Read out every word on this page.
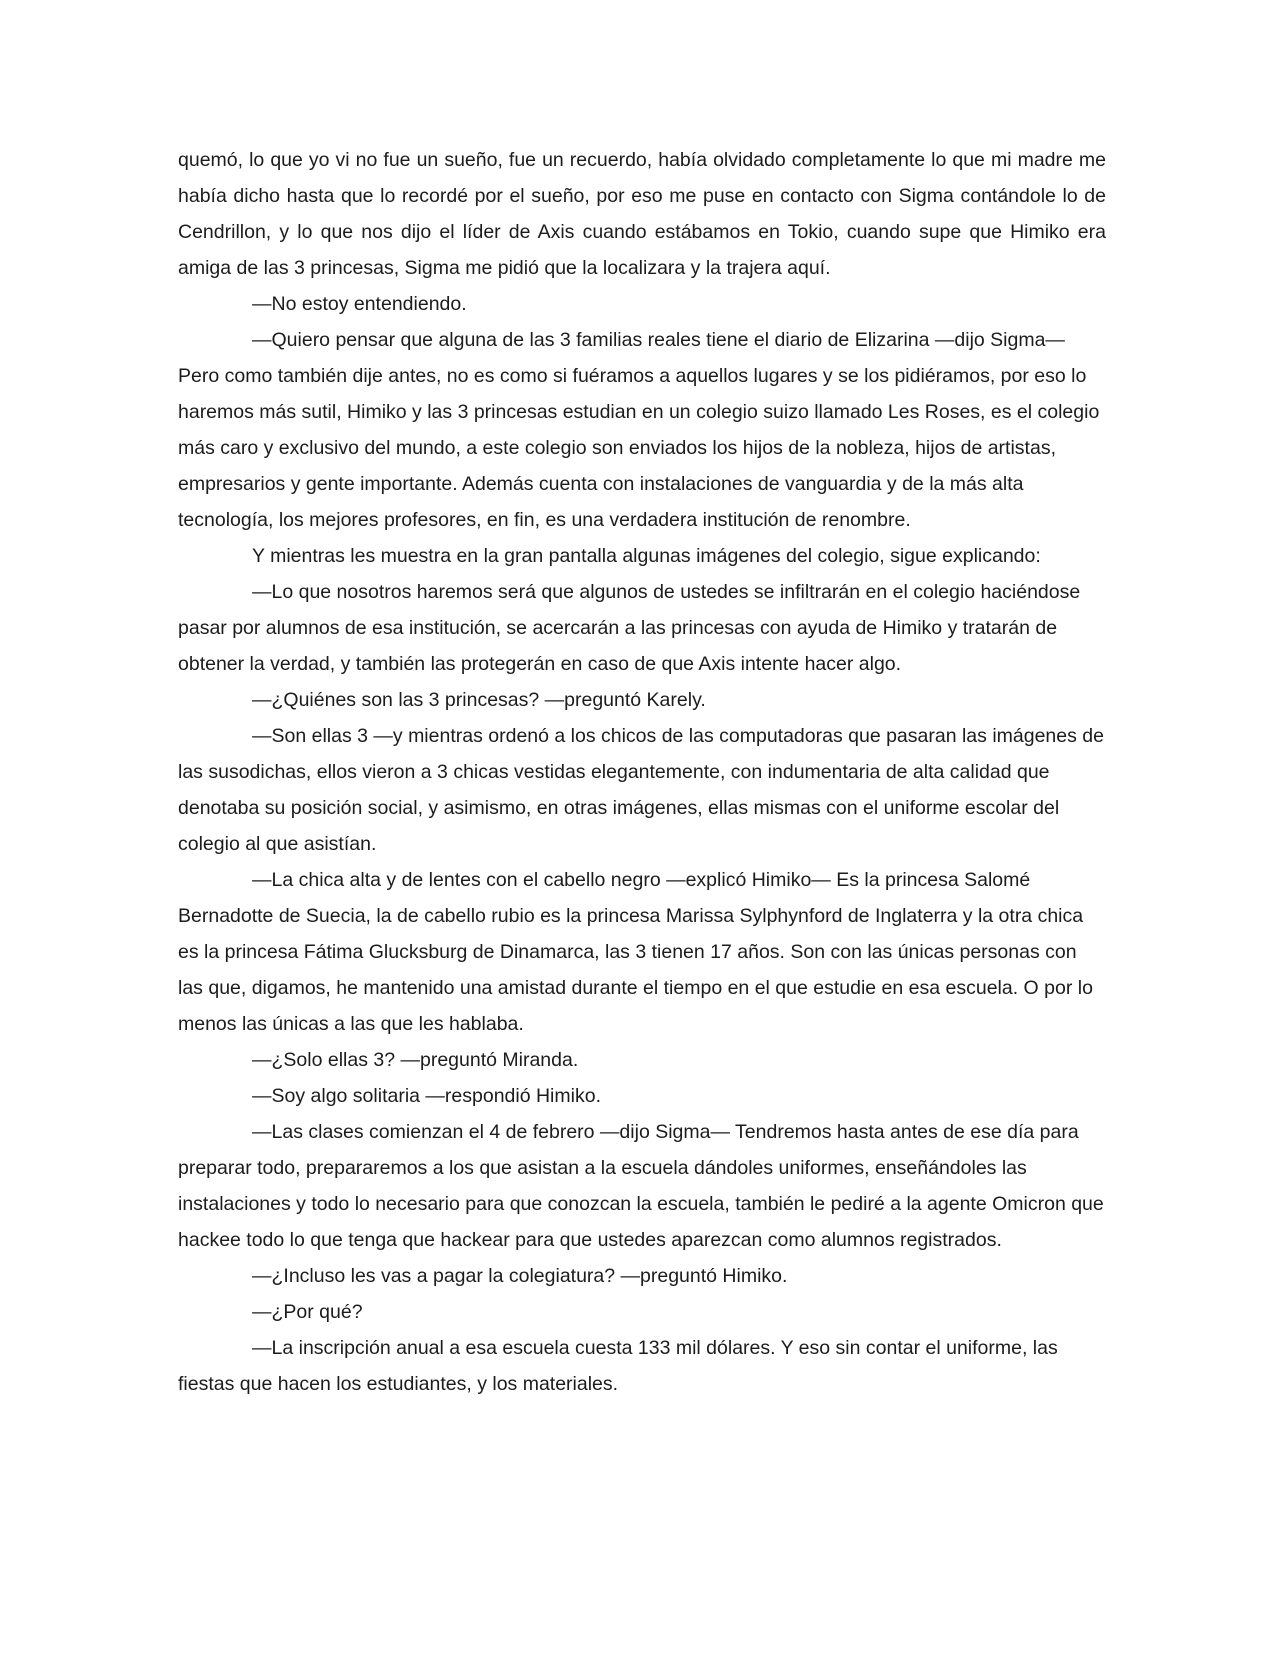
quemó, lo que yo vi no fue un sueño, fue un recuerdo, había olvidado completamente lo que mi madre me había dicho hasta que lo recordé por el sueño, por eso me puse en contacto con Sigma contándole lo de Cendrillon, y lo que nos dijo el líder de Axis cuando estábamos en Tokio, cuando supe que Himiko era amiga de las 3 princesas, Sigma me pidió que la localizara y la trajera aquí.

—No estoy entendiendo.

—Quiero pensar que alguna de las 3 familias reales tiene el diario de Elizarina —dijo Sigma— Pero como también dije antes, no es como si fuéramos a aquellos lugares y se los pidiéramos, por eso lo haremos más sutil, Himiko y las 3 princesas estudian en un colegio suizo llamado Les Roses, es el colegio más caro y exclusivo del mundo, a este colegio son enviados los hijos de la nobleza, hijos de artistas, empresarios y gente importante. Además cuenta con instalaciones de vanguardia y de la más alta tecnología, los mejores profesores, en fin, es una verdadera institución de renombre.

Y mientras les muestra en la gran pantalla algunas imágenes del colegio, sigue explicando:

—Lo que nosotros haremos será que algunos de ustedes se infiltrarán en el colegio haciéndose pasar por alumnos de esa institución, se acercarán a las princesas con ayuda de Himiko y tratarán de obtener la verdad, y también las protegerán en caso de que Axis intente hacer algo.

—¿Quiénes son las 3 princesas? —preguntó Karely.

—Son ellas 3 —y mientras ordenó a los chicos de las computadoras que pasaran las imágenes de las susodichas, ellos vieron a 3 chicas vestidas elegantemente, con indumentaria de alta calidad que denotaba su posición social, y asimismo, en otras imágenes, ellas mismas con el uniforme escolar del colegio al que asistían.

—La chica alta y de lentes con el cabello negro —explicó Himiko— Es la princesa Salomé Bernadotte de Suecia, la de cabello rubio es la princesa Marissa Sylphynford de Inglaterra y la otra chica es la princesa Fátima Glucksburg de Dinamarca, las 3 tienen 17 años. Son con las únicas personas con las que, digamos, he mantenido una amistad durante el tiempo en el que estudie en esa escuela. O por lo menos las únicas a las que les hablaba.

—¿Solo ellas 3? —preguntó Miranda.

—Soy algo solitaria —respondió Himiko.

—Las clases comienzan el 4 de febrero —dijo Sigma— Tendremos hasta antes de ese día para preparar todo, prepararemos a los que asistan a la escuela dándoles uniformes, enseñándoles las instalaciones y todo lo necesario para que conozcan la escuela, también le pediré a la agente Omicron que hackee todo lo que tenga que hackear para que ustedes aparezcan como alumnos registrados.

—¿Incluso les vas a pagar la colegiatura? —preguntó Himiko.

—¿Por qué?

—La inscripción anual a esa escuela cuesta 133 mil dólares. Y eso sin contar el uniforme, las fiestas que hacen los estudiantes, y los materiales.
